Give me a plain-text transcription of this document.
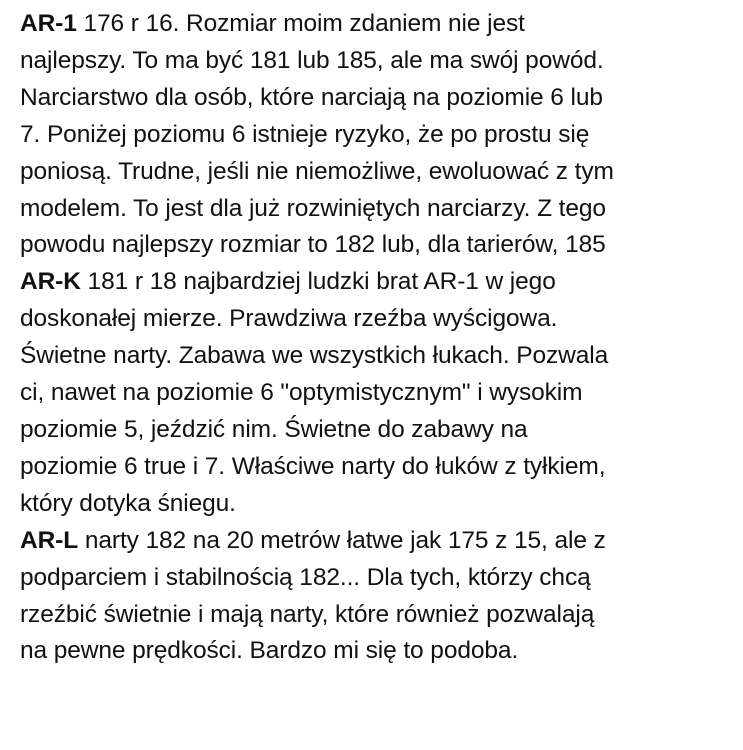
AR-1 176 r 16. Rozmiar moim zdaniem nie jest
najlepszy. To ma być 181 lub 185, ale ma swój powód.
Narciarstwo dla osób, które narciają na poziomie 6 lub
7. Poniżej poziomu 6 istnieje ryzyko, że po prostu się
poniosą. Trudne, jeśli nie niemożliwe, ewoluować z tym
modelem. To jest dla już rozwiniętych narciarzy. Z tego
powodu najlepszy rozmiar to 182 lub, dla tarierów, 185
AR-K 181 r 18 najbardziej ludzki brat AR-1 w jego
doskonałej mierze. Prawdziwa rzeźba wyścigowa.
Świetne narty. Zabawa we wszystkich łukach. Pozwala
ci, nawet na poziomie 6 "optymistycznym" i wysokim
poziomie 5, jeździć nim. Świetne do zabawy na
poziomie 6 true i 7. Właściwe narty do łuków z tyłkiem,
który dotyka śniegu.
AR-L narty 182 na 20 metrów łatwe jak 175 z 15, ale z
podparciem i stabilnością 182... Dla tych, którzy chcą
rzeźbić świetnie i mają narty, które również pozwalają
na pewne prędkości. Bardzo mi się to podoba.
